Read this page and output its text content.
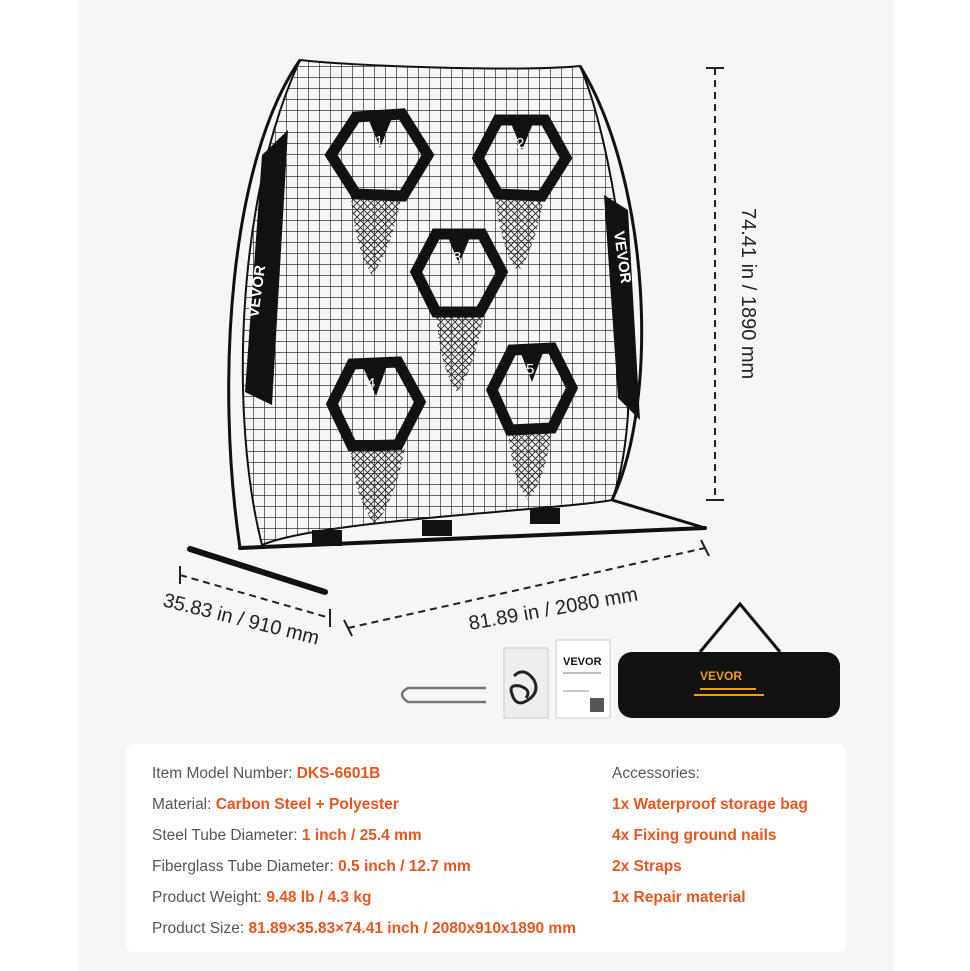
VEVOR
VEVOR
1	2
3
4
5	74.41 in / 1890 mm
81.89 in / 2080 mm
35.83 in / 910 mm
VEVOR
VEVOR
Item Model Number: DKS-6601B
Material: Carbon Steel + Polyester
Steel Tube Diameter: 1 inch / 25.4 mm
Fiberglass Tube Diameter: 0.5 inch / 12.7 mm
Product Weight: 9.48 lb / 4.3 kg
Product Size: 81.89×35.83×74.41 inch / 2080x910x1890 mm
Accessories:
1x Waterproof storage bag
4x Fixing ground nails
2x Straps
1x Repair material
